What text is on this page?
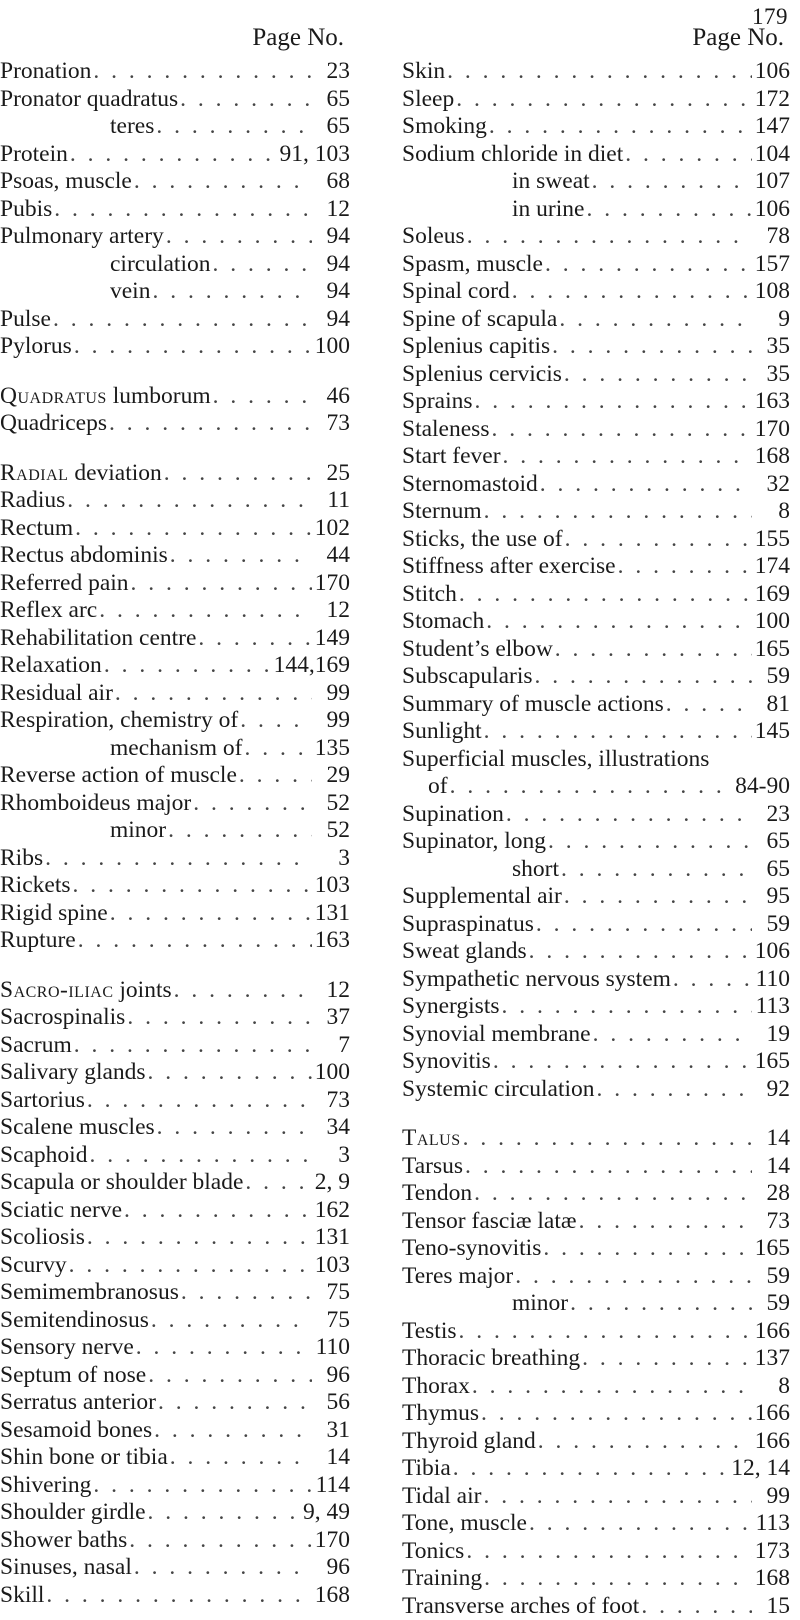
179
Page No.
Pronation . . .	23
Pronator quadratus . . .	65
teres . . .	65
Protein . . .	91, 103
Psoas, muscle . . .	68
Pubis . . .	12
Pulmonary artery . . .	94
circulation . . .	94
vein . . .	94
Pulse . . .	94
Pylorus . . .	100
Quadratus lumborum . . .	46
Quadriceps . . .	73
Radial deviation . . .	25
Radius . . .	11
Rectum . . .	102
Rectus abdominis . . .	44
Referred pain . . .	170
Reflex arc . . .	12
Rehabilitation centre . . .	149
Relaxation . . .	144,169
Residual air . . .	99
Respiration, chemistry of . . .	99
mechanism of . . .	135
Reverse action of muscle . . .	29
Rhomboideus major . . .	52
minor . . .	52
Ribs . . .	3
Rickets . . .	103
Rigid spine . . .	131
Rupture . . .	163
Sacro-iliac joints . . .	12
Sacrospinalis . . .	37
Sacrum . . .	7
Salivary glands . . .	100
Sartorius . . .	73
Scalene muscles . . .	34
Scaphoid . . .	3
Scapula or shoulder blade . . .	2, 9
Sciatic nerve . . .	162
Scoliosis . . .	131
Scurvy . . .	103
Semimembranosus . . .	75
Semitendinosus . . .	75
Sensory nerve . . .	110
Septum of nose . . .	96
Serratus anterior . . .	56
Sesamoid bones . . .	31
Shin bone or tibia . . .	14
Shivering . . .	114
Shoulder girdle . . .	9, 49
Shower baths . . .	170
Sinuses, nasal . . .	96
Skill . . .	168
Page No.
Skin . . .	106
Sleep . . .	172
Smoking . . .	147
Sodium chloride in diet . . .	104
in sweat . . .	107
in urine . . .	106
Soleus . . .	78
Spasm, muscle . . .	157
Spinal cord . . .	108
Spine of scapula . . .	9
Splenius capitis . . .	35
Splenius cervicis . . .	35
Sprains . . .	163
Staleness . . .	170
Start fever . . .	168
Sternomastoid . . .	32
Sternum . . .	8
Sticks, the use of . . .	155
Stiffness after exercise . . .	174
Stitch . . .	169
Stomach . . .	100
Student’s elbow . . .	165
Subscapularis . . .	59
Summary of muscle actions . . .	81
Sunlight . . .	145
Superficial muscles, illustrations
of . . .	84-90
Supination . . .	23
Supinator, long . . .	65
short . . .	65
Supplemental air . . .	95
Supraspinatus . . .	59
Sweat glands . . .	106
Sympathetic nervous system . . .	110
Synergists . . .	113
Synovial membrane . . .	19
Synovitis . . .	165
Systemic circulation . . .	92
Talus . . .	14
Tarsus . . .	14
Tendon . . .	28
Tensor fasciæ latæ . . .	73
Teno-synovitis . . .	165
Teres major . . .	59
minor . . .	59
Testis . . .	166
Thoracic breathing . . .	137
Thorax . . .	8
Thymus . . .	166
Thyroid gland . . .	166
Tibia . . .	12, 14
Tidal air . . .	99
Tone, muscle . . .	113
Tonics . . .	173
Training . . .	168
Transverse arches of foot . . .	15
